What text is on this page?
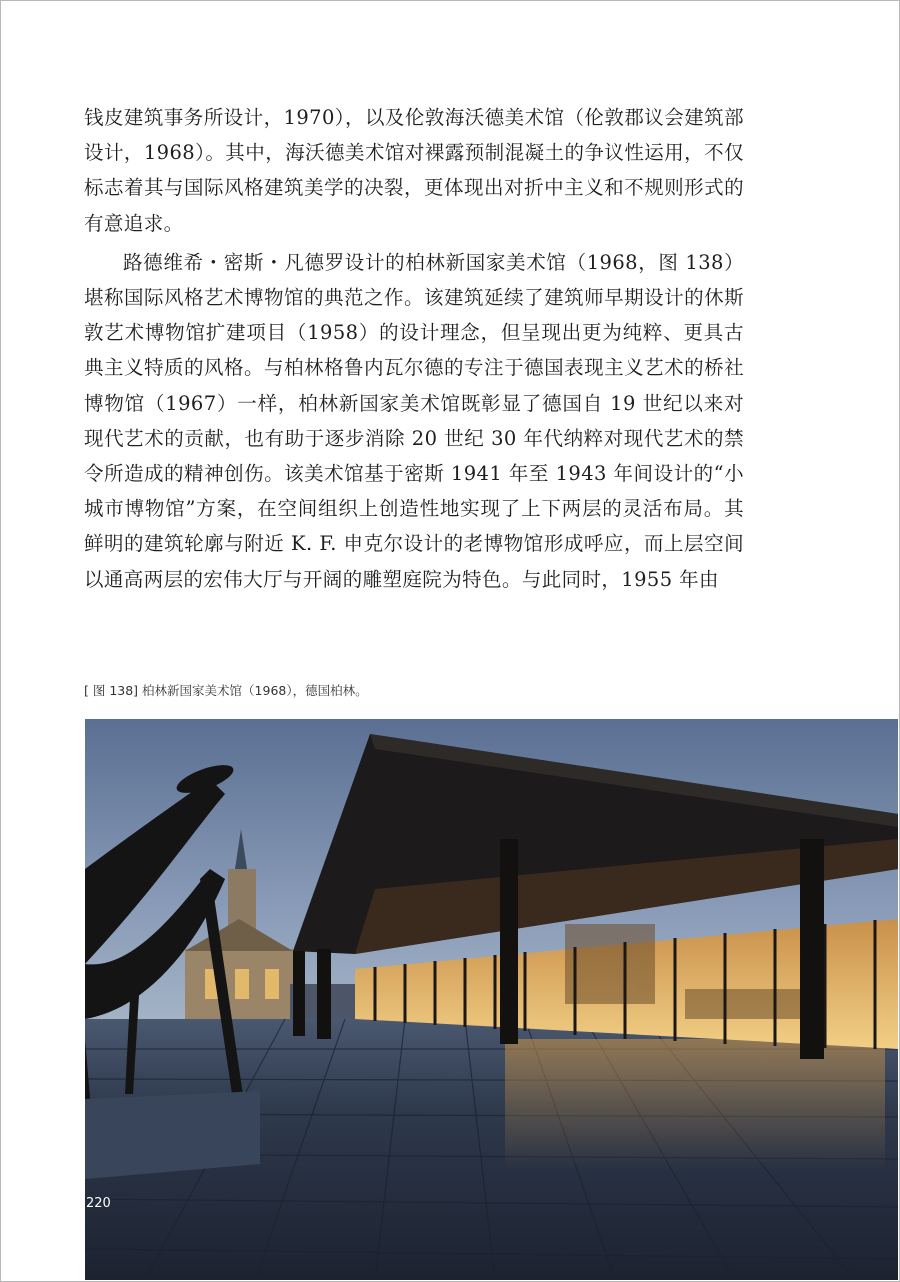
钱皮建筑事务所设计，1970），以及伦敦海沃德美术馆（伦敦郡议会建筑部设计，1968）。其中，海沃德美术馆对裸露预制混凝土的争议性运用，不仅标志着其与国际风格建筑美学的决裂，更体现出对折中主义和不规则形式的有意追求。

路德维希・密斯・凡德罗设计的柏林新国家美术馆（1968，图 138）堪称国际风格艺术博物馆的典范之作。该建筑延续了建筑师早期设计的休斯敦艺术博物馆扩建项目（1958）的设计理念，但呈现出更为纯粹、更具古典主义特质的风格。与柏林格鲁内瓦尔德的专注于德国表现主义艺术的桥社博物馆（1967）一样，柏林新国家美术馆既彰显了德国自 19 世纪以来对现代艺术的贡献，也有助于逐步消除 20 世纪 30 年代纳粹对现代艺术的禁令所造成的精神创伤。该美术馆基于密斯 1941 年至 1943 年间设计的“小城市博物馆”方案，在空间组织上创造性地实现了上下两层的灵活布局。其鲜明的建筑轮廓与附近 K. F. 申克尔设计的老博物馆形成呼应，而上层空间以通高两层的宏伟大厅与开阔的雕塑庭院为特色。与此同时，1955 年由

[ 图 138] 柏林新国家美术馆（1968），德国柏林。
220
